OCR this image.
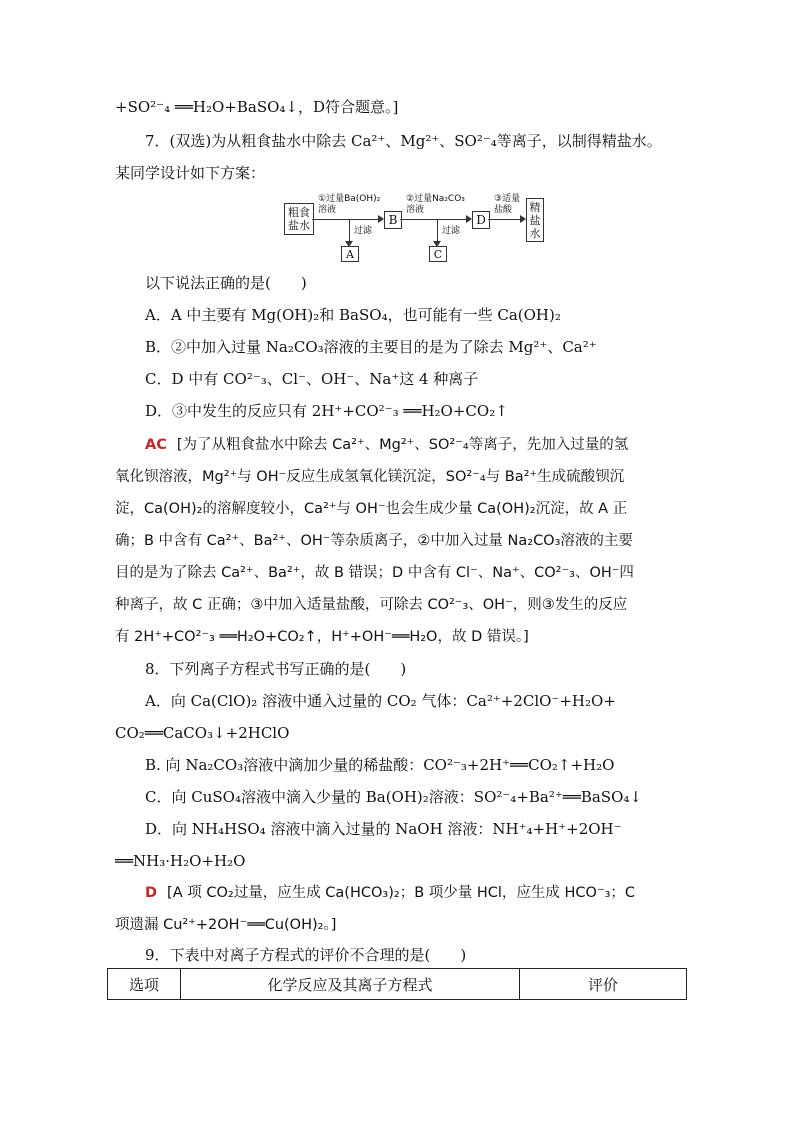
+SO²⁻₄ ══H₂O+BaSO₄↓，D符合题意。]
7．(双选)为从粗食盐水中除去 Ca²⁺、Mg²⁺、SO²⁻₄等离子，以制得精盐水。
某同学设计如下方案：
粗食盐水
①过量Ba(OH)₂
溶液
B
②过量Na₂CO₃
溶液
D
③适量
盐酸 精盐水
过滤
A
过滤
C
以下说法正确的是(　　)
A．A 中主要有 Mg(OH)₂和 BaSO₄，也可能有一些 Ca(OH)₂
B．②中加入过量 Na₂CO₃溶液的主要目的是为了除去 Mg²⁺、Ca²⁺
C．D 中有 CO²⁻₃、Cl⁻、OH⁻、Na⁺这 4 种离子
D．③中发生的反应只有 2H⁺+CO²⁻₃ ══H₂O+CO₂↑
AC [为了从粗食盐水中除去 Ca²⁺、Mg²⁺、SO²⁻₄等离子，先加入过量的氢
氧化钡溶液，Mg²⁺与 OH⁻反应生成氢氧化镁沉淀，SO²⁻₄与 Ba²⁺生成硫酸钡沉
淀，Ca(OH)₂的溶解度较小，Ca²⁺与 OH⁻也会生成少量 Ca(OH)₂沉淀，故 A 正
确；B 中含有 Ca²⁺、Ba²⁺、OH⁻等杂质离子，②中加入过量 Na₂CO₃溶液的主要
目的是为了除去 Ca²⁺、Ba²⁺，故 B 错误；D 中含有 Cl⁻、Na⁺、CO²⁻₃、OH⁻四
种离子，故 C 正确；③中加入适量盐酸，可除去 CO²⁻₃、OH⁻，则③发生的反应
有 2H⁺+CO²⁻₃ ══H₂O+CO₂↑，H⁺+OH⁻══H₂O，故 D 错误。]
8．下列离子方程式书写正确的是(　　)
A．向 Ca(ClO)₂ 溶液中通入过量的 CO₂ 气体：Ca²⁺+2ClO⁻+H₂O+
CO₂══CaCO₃↓+2HClO
B. 向 Na₂CO₃溶液中滴加少量的稀盐酸：CO²⁻₃+2H⁺══CO₂↑+H₂O
C．向 CuSO₄溶液中滴入少量的 Ba(OH)₂溶液：SO²⁻₄+Ba²⁺══BaSO₄↓
D．向 NH₄HSO₄ 溶液中滴入过量的 NaOH 溶液：NH⁺₄+H⁺+2OH⁻
══NH₃·H₂O+H₂O
D [A 项 CO₂过量，应生成 Ca(HCO₃)₂；B 项少量 HCl，应生成 HCO⁻₃；C
项遗漏 Cu²⁺+2OH⁻══Cu(OH)₂。]
9．下表中对离子方程式的评价不合理的是(　　)
选项	化学反应及其离子方程式	评价
